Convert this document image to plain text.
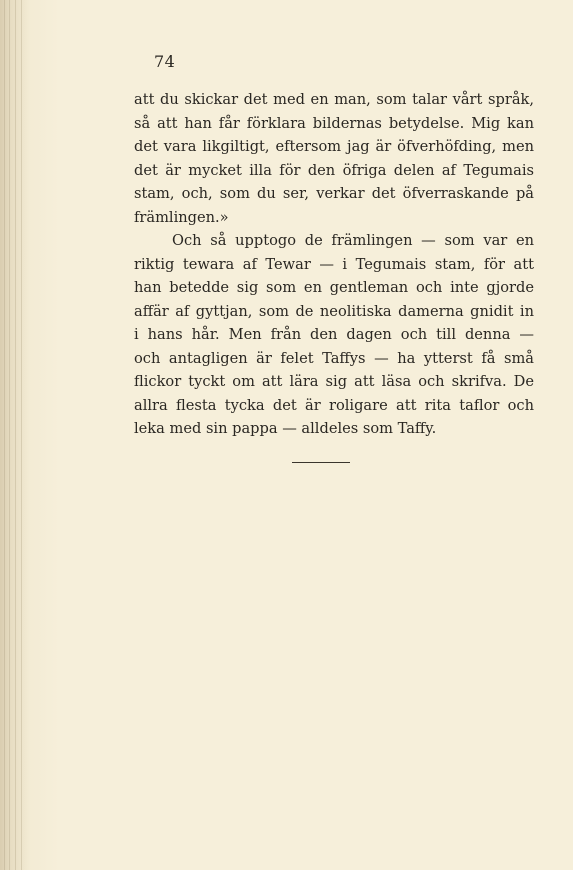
74
att du skickar det med en man, som talar vårt språk,
så att han får förklara bildernas betydelse. Mig kan
det vara likgiltigt, eftersom jag är öfverhöfding, men
det är mycket illa för den öfriga delen af Tegumais
stam, och, som du ser, verkar det öfverraskande på
främlingen.»
Och så upptogo de främlingen — som var en
riktig tewara af Tewar — i Tegumais stam, för att
han betedde sig som en gentleman och inte gjorde
affär af gyttjan, som de neolitiska damerna gnidit in
i hans hår. Men från den dagen och till denna —
och antagligen är felet Taffys — ha ytterst få små
flickor tyckt om att lära sig att läsa och skrifva. De
allra flesta tycka det är roligare att rita taflor och
leka med sin pappa — alldeles som Taffy.
